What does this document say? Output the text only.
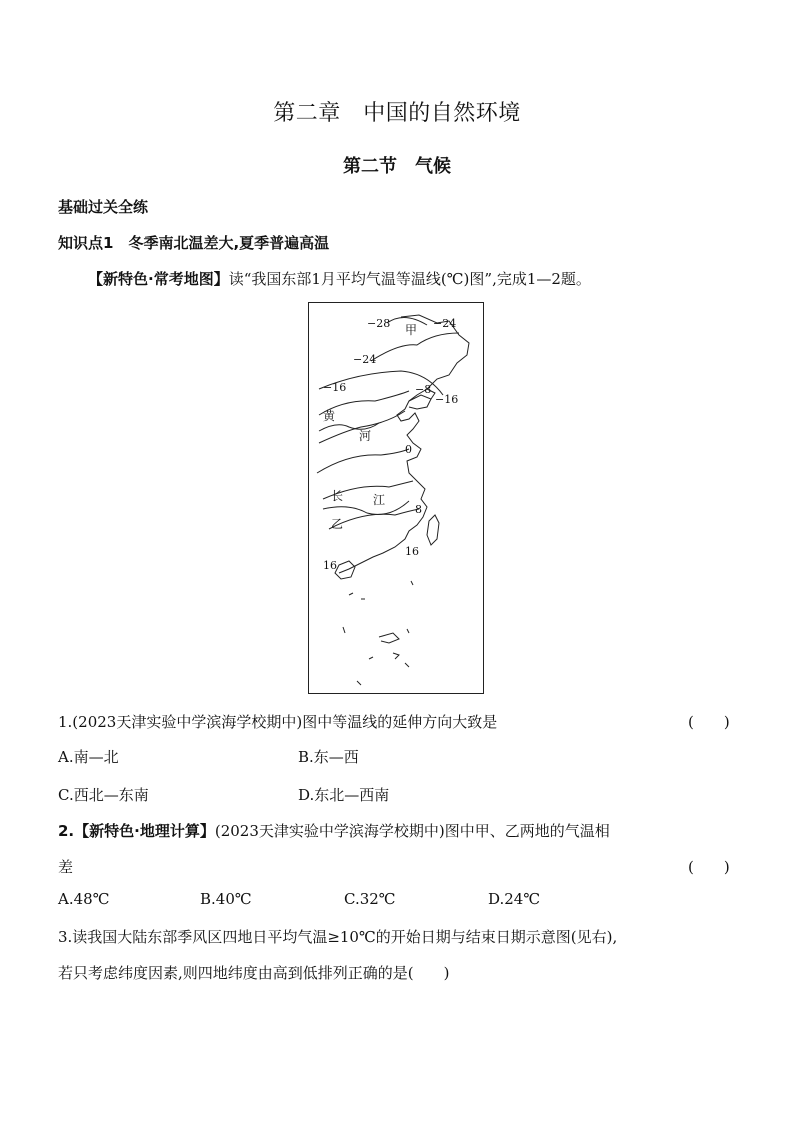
第二章　中国的自然环境
第二节　气候
基础过关全练
知识点1　冬季南北温差大,夏季普遍高温
【新特色·常考地图】读“我国东部1月平均气温等温线(℃)图”,完成1—2题。
甲
黄
河
长 江
乙
−28	−24
−24
−16
−16
−8
0
8
16
16
1.(2023天津实验中学滨海学校期中)图中等温线的延伸方向大致是	(　　)
A.南—北	B.东—西
C.西北—东南	D.东北—西南
2.【新特色·地理计算】(2023天津实验中学滨海学校期中)图中甲、乙两地的气温相
差	(　　)
A.48℃	B.40℃	C.32℃	D.24℃
3.读我国大陆东部季风区四地日平均气温≥10℃的开始日期与结束日期示意图(见右),
若只考虑纬度因素,则四地纬度由高到低排列正确的是(　　)
